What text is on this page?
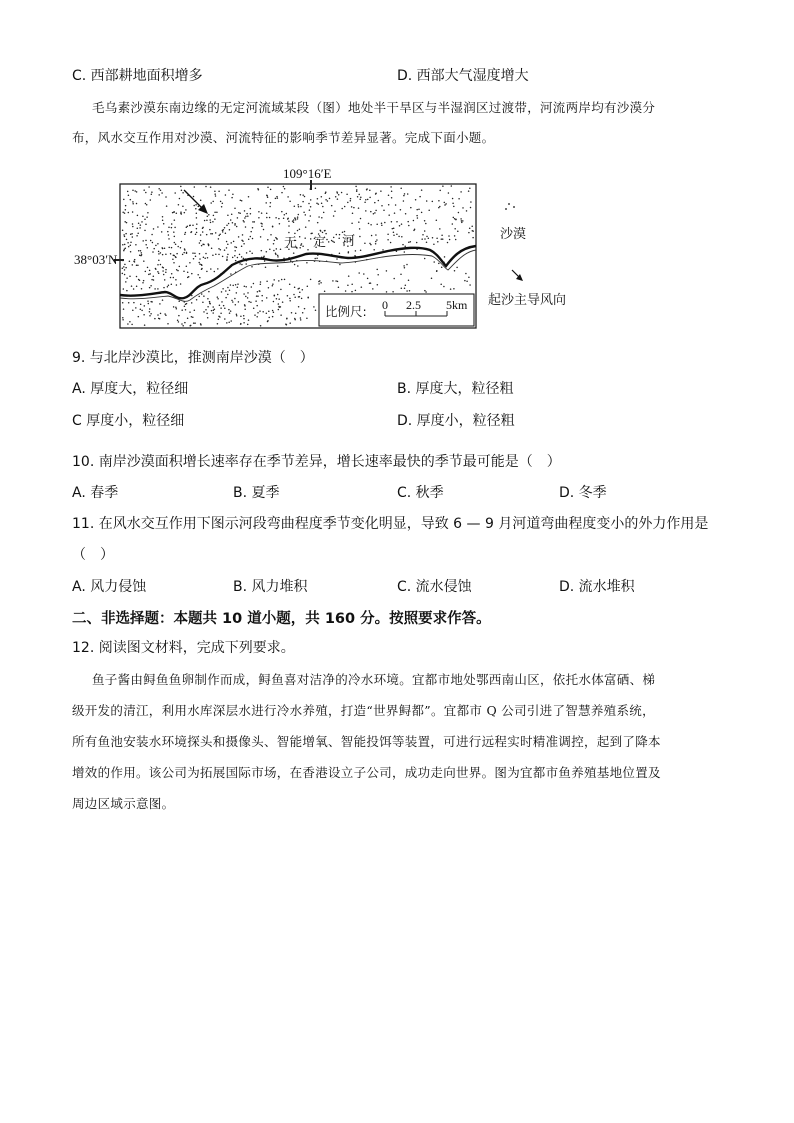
C. 西部耕地面积增多	D. 西部大气湿度增大
毛乌素沙漠东南边缘的无定河流域某段（图）地处半干旱区与半湿润区过渡带，河流两岸均有沙漠分
布，风水交互作用对沙漠、河流特征的影响季节差异显著。完成下面小题。
109°16′E
38°03′N
无 定 河
比例尺: 0 2.5 5km
沙漠
起沙主导风向
9. 与北岸沙漠比，推测南岸沙漠（　）
A. 厚度大，粒径细	B. 厚度大，粒径粗
C 厚度小，粒径细	D. 厚度小，粒径粗
10. 南岸沙漠面积增长速率存在季节差异，增长速率最快的季节最可能是（　）
A. 春季	B. 夏季	C. 秋季	D. 冬季
11. 在风水交互作用下图示河段弯曲程度季节变化明显，导致 6 — 9 月河道弯曲程度变小的外力作用是
（　）
A. 风力侵蚀	B. 风力堆积	C. 流水侵蚀	D. 流水堆积
二、非选择题：本题共 10 道小题，共 160 分。按照要求作答。
12. 阅读图文材料，完成下列要求。
鱼子酱由鲟鱼鱼卵制作而成，鲟鱼喜对洁净的冷水环境。宜都市地处鄂西南山区，依托水体富硒、梯
级开发的清江，利用水库深层水进行冷水养殖，打造“世界鲟都”。宜都市 Q 公司引进了智慧养殖系统，
所有鱼池安装水环境探头和摄像头、智能增氧、智能投饵等装置，可进行远程实时精准调控，起到了降本
增效的作用。该公司为拓展国际市场，在香港设立子公司，成功走向世界。图为宜都市鱼养殖基地位置及
周边区域示意图。
